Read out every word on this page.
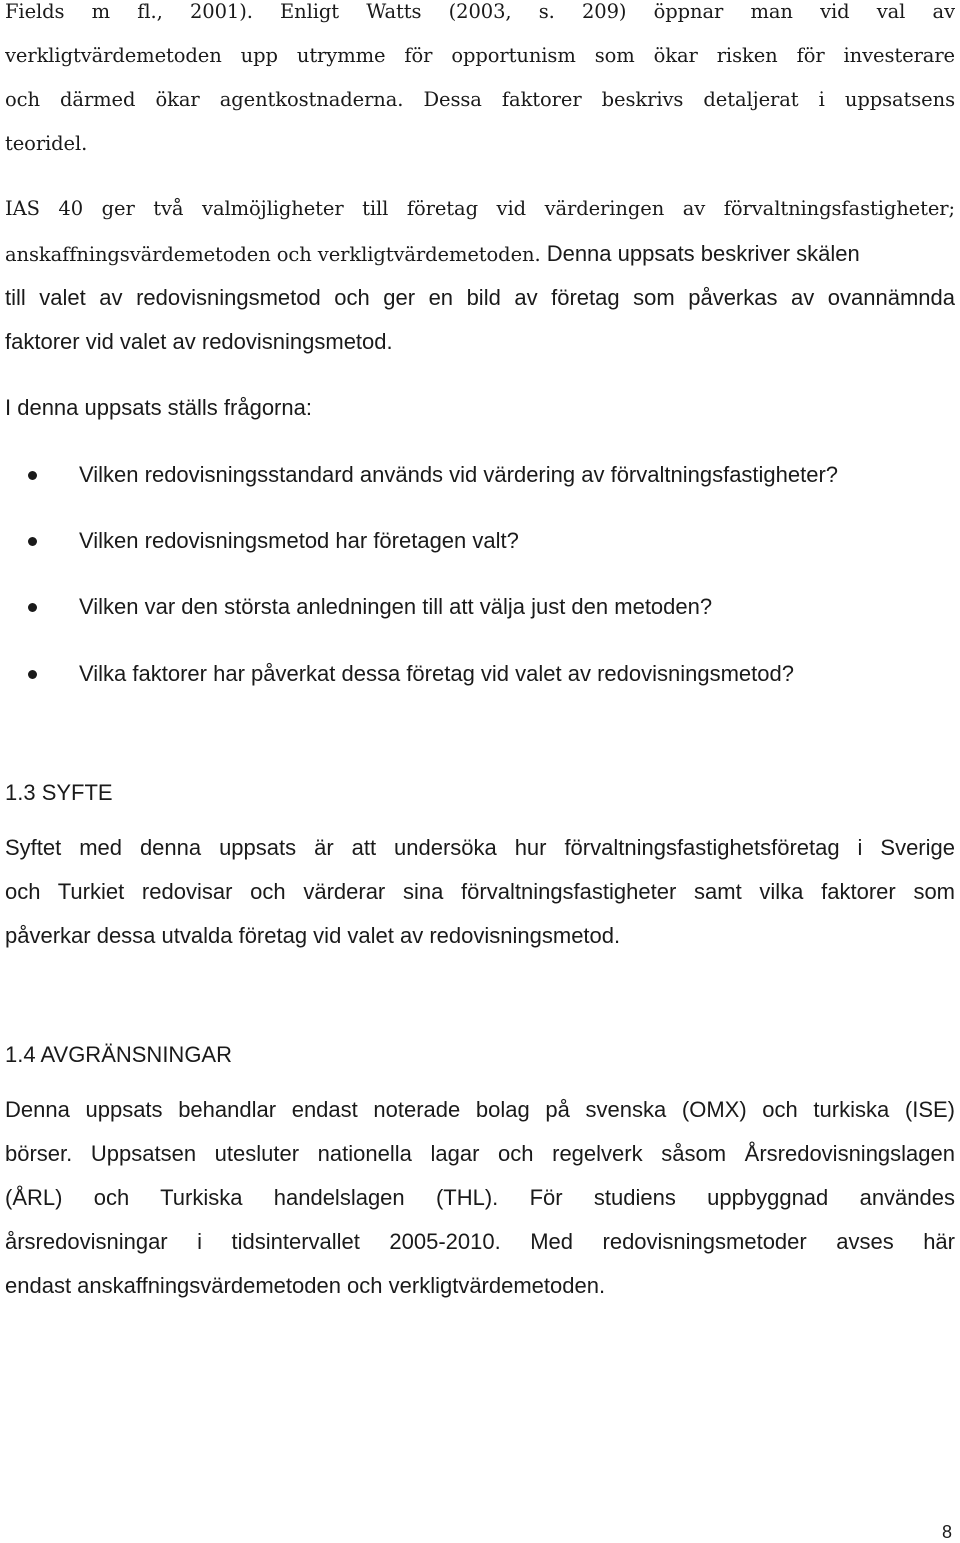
Fields m fl., 2001). Enligt Watts (2003, s. 209) öppnar man vid val av
verkligtvärdemetoden upp utrymme för opportunism som ökar risken för investerare
och därmed ökar agentkostnaderna. Dessa faktorer beskrivs detaljerat i uppsatsens
teoridel.
IAS 40 ger två valmöjligheter till företag vid värderingen av förvaltningsfastigheter;
anskaffningsvärdemetoden och verkligtvärdemetoden. Denna uppsats beskriver skälen
till valet av redovisningsmetod och ger en bild av företag som påverkas av ovannämnda
faktorer vid valet av redovisningsmetod.
I denna uppsats ställs frågorna:
Vilken redovisningsstandard används vid värdering av förvaltningsfastigheter?
Vilken redovisningsmetod har företagen valt?
Vilken var den största anledningen till att välja just den metoden?
Vilka faktorer har påverkat dessa företag vid valet av redovisningsmetod?
1.3 SYFTE
Syftet med denna uppsats är att undersöka hur förvaltningsfastighetsföretag i Sverige
och Turkiet redovisar och värderar sina förvaltningsfastigheter samt vilka faktorer som
påverkar dessa utvalda företag vid valet av redovisningsmetod.
1.4 AVGRÄNSNINGAR
Denna uppsats behandlar endast noterade bolag på svenska (OMX) och turkiska (ISE)
börser. Uppsatsen utesluter nationella lagar och regelverk såsom Årsredovisningslagen
(ÅRL) och Turkiska handelslagen (THL). För studiens uppbyggnad användes
årsredovisningar i tidsintervallet 2005-2010. Med redovisningsmetoder avses här
endast anskaffningsvärdemetoden och verkligtvärdemetoden.
8
